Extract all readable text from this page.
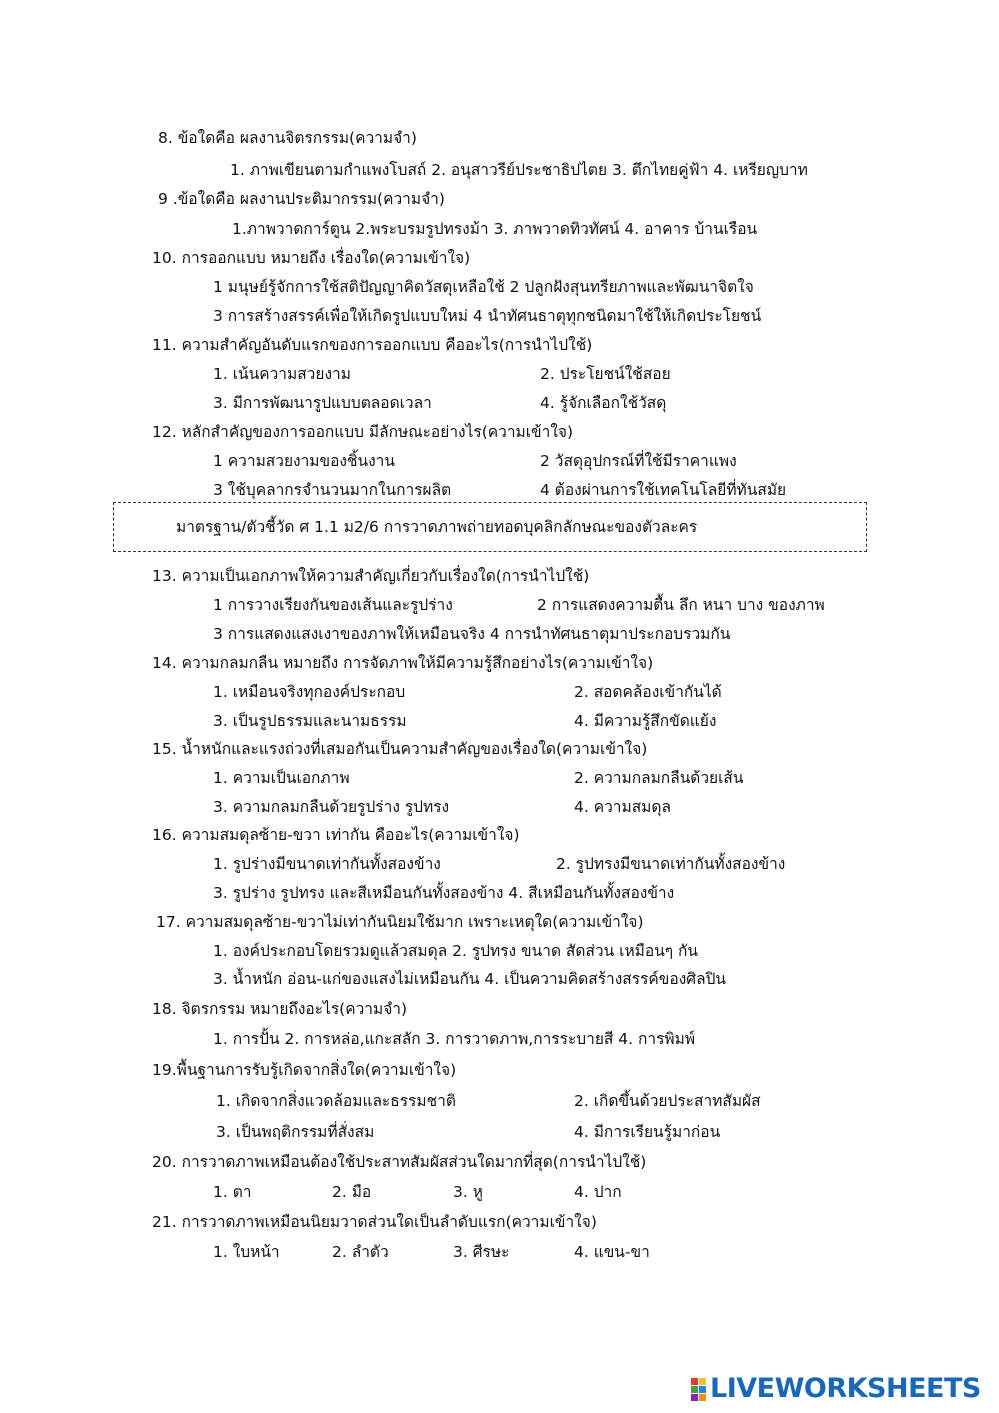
8. ข้อใดคือ ผลงานจิตรกรรม(ความจำ)
1. ภาพเขียนตามกำแพงโบสถ์ 2. อนุสาวรีย์ประชาธิปไตย 3. ตึกไทยคู่ฟ้า 4. เหรียญบาท
9 .ข้อใดคือ ผลงานประติมากรรม(ความจำ)
1.ภาพวาดการ์ตูน 2.พระบรมรูปทรงม้า 3. ภาพวาดทิวทัศน์ 4. อาคาร บ้านเรือน
10. การออกแบบ หมายถึง เรื่องใด(ความเข้าใจ)
1 มนุษย์รู้จักการใช้สติปัญญาคิดวัสดุเหลือใช้ 2 ปลูกฝังสุนทรียภาพและพัฒนาจิตใจ
3 การสร้างสรรค์เพื่อให้เกิดรูปแบบใหม่ 4 นำทัศนธาตุทุกชนิดมาใช้ให้เกิดประโยชน์
11. ความสำคัญอันดับแรกของการออกแบบ คืออะไร(การนำไปใช้)
1. เน้นความสวยงาม	2. ประโยชน์ใช้สอย
3. มีการพัฒนารูปแบบตลอดเวลา	4. รู้จักเลือกใช้วัสดุ
12. หลักสำคัญของการออกแบบ มีลักษณะอย่างไร(ความเข้าใจ)
1 ความสวยงามของชิ้นงาน	2 วัสดุอุปกรณ์ที่ใช้มีราคาแพง
3 ใช้บุคลากรจำนวนมากในการผลิต	4 ต้องผ่านการใช้เทคโนโลยีที่ทันสมัย
มาตรฐาน/ตัวชี้วัด ศ 1.1 ม2/6 การวาดภาพถ่ายทอดบุคลิกลักษณะของตัวละคร
13. ความเป็นเอกภาพให้ความสำคัญเกี่ยวกับเรื่องใด(การนำไปใช้)
1 การวางเรียงกันของเส้นและรูปร่าง	2 การแสดงความตื้น ลึก หนา บาง ของภาพ
3 การแสดงแสงเงาของภาพให้เหมือนจริง 4 การนำทัศนธาตุมาประกอบรวมกัน
14. ความกลมกลืน หมายถึง การจัดภาพให้มีความรู้สึกอย่างไร(ความเข้าใจ)
1. เหมือนจริงทุกองค์ประกอบ	2. สอดคล้องเข้ากันได้
3. เป็นรูปธรรมและนามธรรม	4. มีความรู้สึกขัดแย้ง
15. น้ำหนักและแรงถ่วงที่เสมอกันเป็นความสำคัญของเรื่องใด(ความเข้าใจ)
1. ความเป็นเอกภาพ	2. ความกลมกลืนด้วยเส้น
3. ความกลมกลืนด้วยรูปร่าง รูปทรง	4. ความสมดุล
16. ความสมดุลซ้าย-ขวา เท่ากัน คืออะไร(ความเข้าใจ)
1. รูปร่างมีขนาดเท่ากันทั้งสองข้าง	2. รูปทรงมีขนาดเท่ากันทั้งสองข้าง
3. รูปร่าง รูปทรง และสีเหมือนกันทั้งสองข้าง 4. สีเหมือนกันทั้งสองข้าง
17. ความสมดุลซ้าย-ขวาไม่เท่ากันนิยมใช้มาก เพราะเหตุใด(ความเข้าใจ)
1. องค์ประกอบโดยรวมดูแล้วสมดุล 2. รูปทรง ขนาด สัดส่วน เหมือนๆ กัน
3. น้ำหนัก อ่อน-แก่ของแสงไม่เหมือนกัน 4. เป็นความคิดสร้างสรรค์ของศิลปิน
18. จิตรกรรม หมายถึงอะไร(ความจำ)
1. การปั้น 2. การหล่อ,แกะสลัก 3. การวาดภาพ,การระบายสี 4. การพิมพ์
19.พื้นฐานการรับรู้เกิดจากสิ่งใด(ความเข้าใจ)
1. เกิดจากสิ่งแวดล้อมและธรรมชาติ	2. เกิดขึ้นด้วยประสาทสัมผัส
3. เป็นพฤติกรรมที่สั่งสม	4. มีการเรียนรู้มาก่อน
20. การวาดภาพเหมือนต้องใช้ประสาทสัมผัสส่วนใดมากที่สุด(การนำไปใช้)
1. ตา	2. มือ	3. หู	4. ปาก
21. การวาดภาพเหมือนนิยมวาดส่วนใดเป็นลำดับแรก(ความเข้าใจ)
1. ใบหน้า	2. ลำตัว	3. ศีรษะ	4. แขน-ขา
LIVEWORKSHEETS
